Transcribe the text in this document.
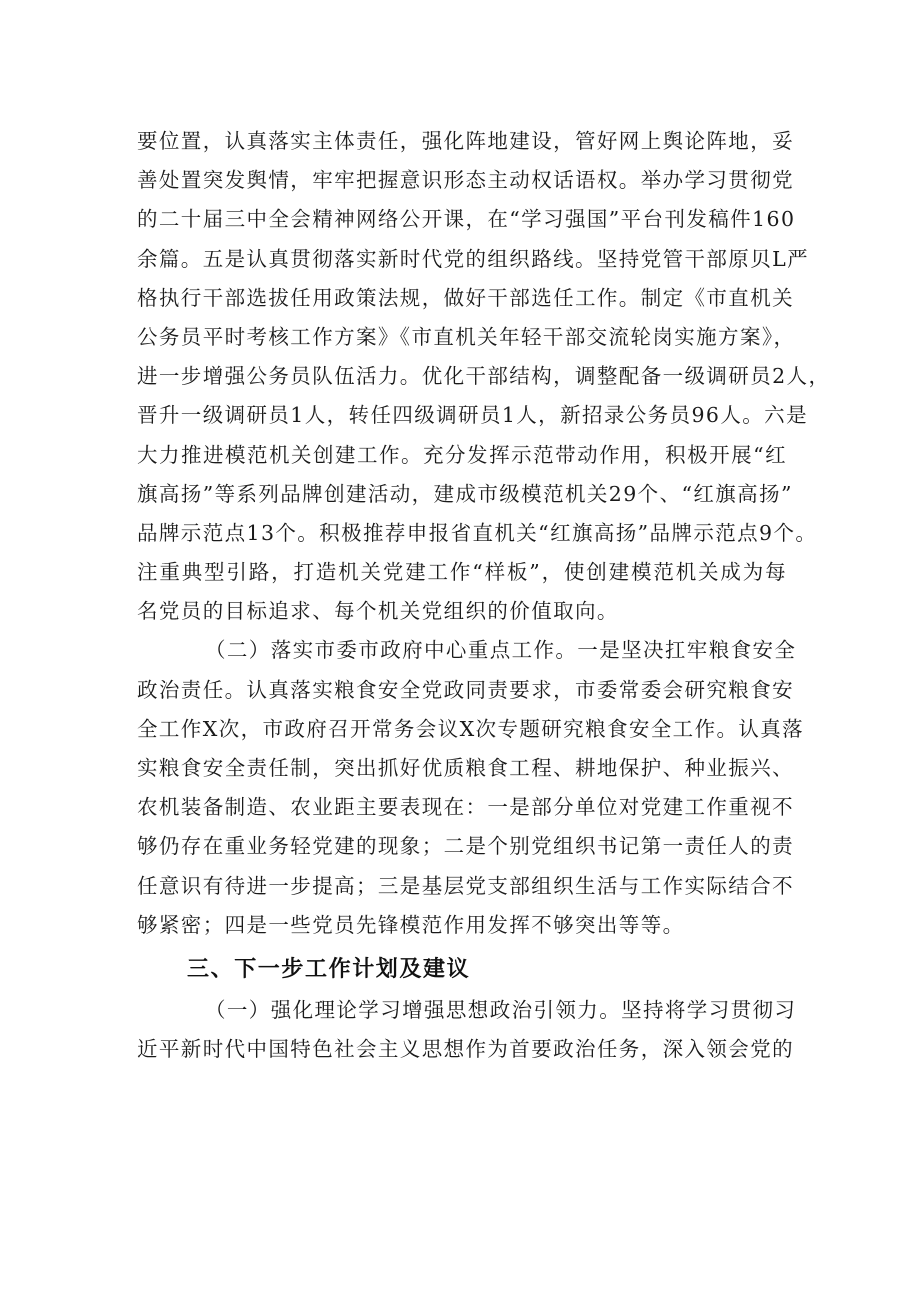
要位置，认真落实主体责任，强化阵地建设，管好网上舆论阵地，妥
善处置突发舆情，牢牢把握意识形态主动权话语权。举办学习贯彻党
的二十届三中全会精神网络公开课，在“学习强国”平台刊发稿件160
余篇。五是认真贯彻落实新时代党的组织路线。坚持党管干部原贝L严
格执行干部选拔任用政策法规，做好干部选任工作。制定《市直机关
公务员平时考核工作方案》《市直机关年轻干部交流轮岗实施方案》，
进一步增强公务员队伍活力。优化干部结构，调整配备一级调研员2人，
晋升一级调研员1人，转任四级调研员1人，新招录公务员96人。六是
大力推进模范机关创建工作。充分发挥示范带动作用，积极开展“红
旗高扬”等系列品牌创建活动，建成市级模范机关29个、“红旗高扬”
品牌示范点13个。积极推荐申报省直机关“红旗高扬”品牌示范点9个。
注重典型引路，打造机关党建工作“样板”，使创建模范机关成为每
名党员的目标追求、每个机关党组织的价值取向。
（二）落实市委市政府中心重点工作。一是坚决扛牢粮食安全
政治责任。认真落实粮食安全党政同责要求，市委常委会研究粮食安
全工作X次，市政府召开常务会议X次专题研究粮食安全工作。认真落
实粮食安全责任制，突出抓好优质粮食工程、耕地保护、种业振兴、
农机装备制造、农业距主要表现在：一是部分单位对党建工作重视不
够仍存在重业务轻党建的现象；二是个别党组织书记第一责任人的责
任意识有待进一步提高；三是基层党支部组织生活与工作实际结合不
够紧密；四是一些党员先锋模范作用发挥不够突出等等。
三、下一步工作计划及建议
（一）强化理论学习增强思想政治引领力。坚持将学习贯彻习
近平新时代中国特色社会主义思想作为首要政治任务，深入领会党的
